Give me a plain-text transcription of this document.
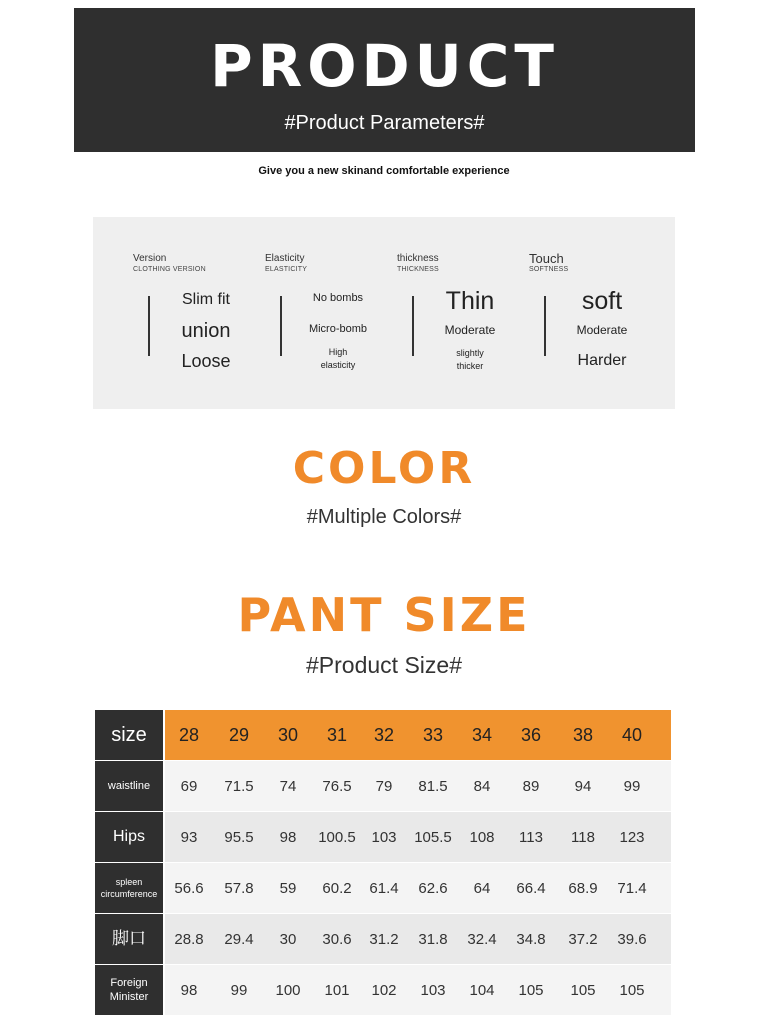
PRODUCT
#Product Parameters#
Give you a new skinand comfortable experience
Version
CLOTHING VERSION
Slim fit
union
Loose
Elasticity
ELASTICITY
No bombs
Micro-bomb
High elasticity
thickness
THICKNESS
Thin
Moderate
slightly thicker
Touch
SOFTNESS
soft
Moderate
Harder
COLOR
#Multiple Colors#
PANT SIZE
#Product Size#
size	28	29	30	31	32	33	34	36	38	40
waistline	69	71.5	74	76.5	79	81.5	84	89	94	99
Hips	93	95.5	98	100.5	103	105.5	108	113	118	123
spleen circumference	56.6	57.8	59	60.2	61.4	62.6	64	66.4	68.9	71.4
脚口	28.8	29.4	30	30.6	31.2	31.8	32.4	34.8	37.2	39.6
Foreign Minister	98	99	100	101	102	103	104	105	105	105
